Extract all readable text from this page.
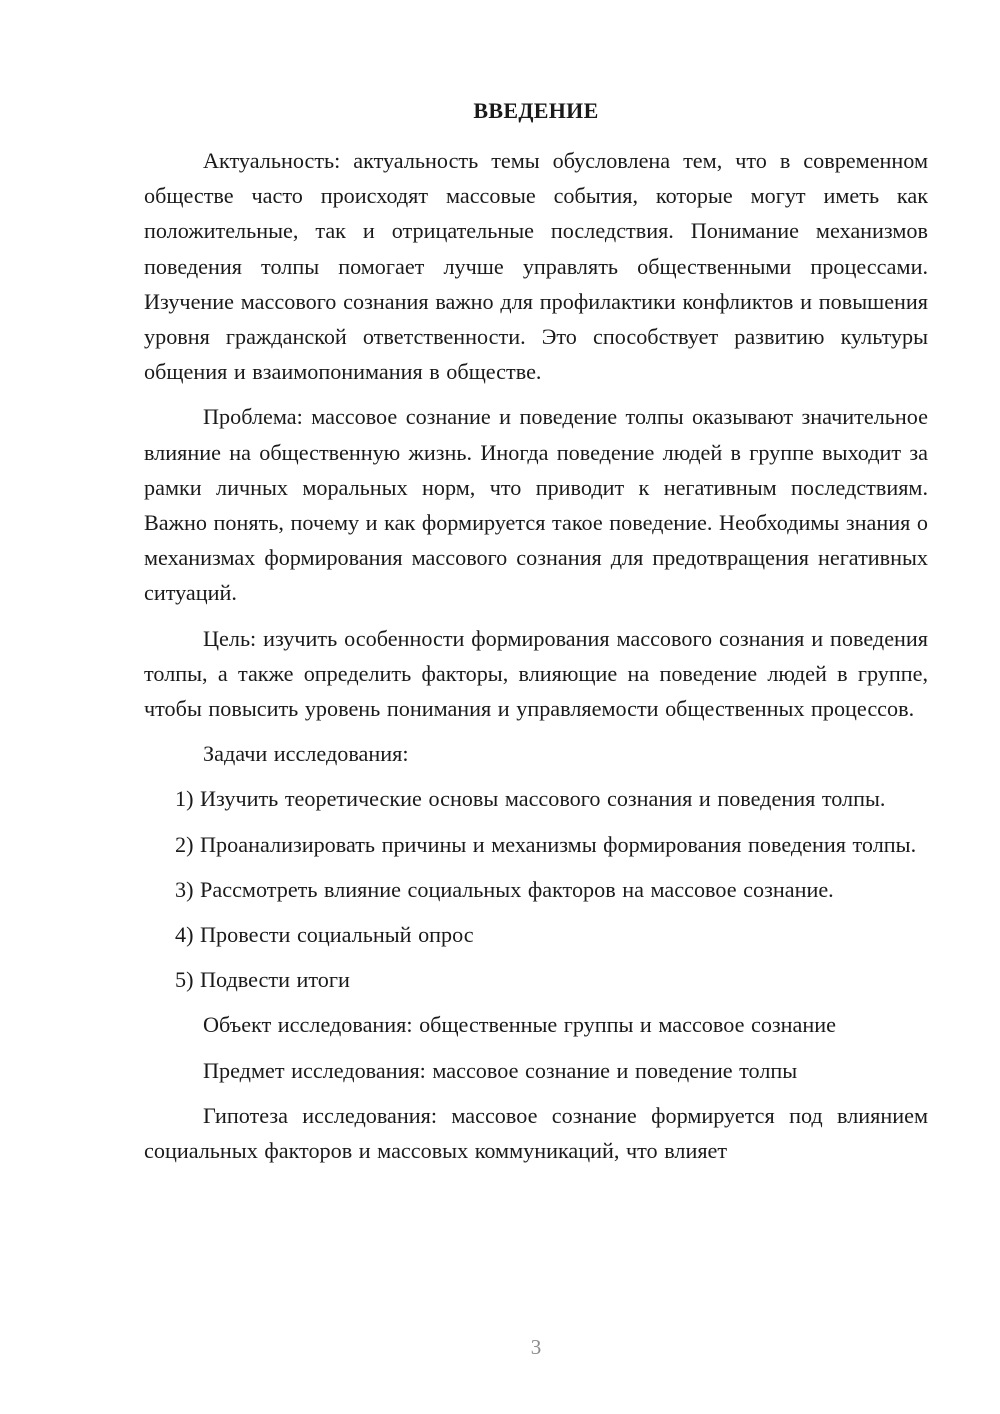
ВВЕДЕНИЕ

Актуальность: актуальность темы обусловлена тем, что в современном обществе часто происходят массовые события, которые могут иметь как положительные, так и отрицательные последствия. Понимание механизмов поведения толпы помогает лучше управлять общественными процессами. Изучение массового сознания важно для профилактики конфликтов и повышения уровня гражданской ответственности. Это способствует развитию культуры общения и взаимопонимания в обществе.

Проблема: массовое сознание и поведение толпы оказывают значительное влияние на общественную жизнь. Иногда поведение людей в группе выходит за рамки личных моральных норм, что приводит к негативным последствиям. Важно понять, почему и как формируется такое поведение. Необходимы знания о механизмах формирования массового сознания для предотвращения негативных ситуаций.

Цель: изучить особенности формирования массового сознания и поведения толпы, а также определить факторы, влияющие на поведение людей в группе, чтобы повысить уровень понимания и управляемости общественных процессов.

Задачи исследования:

1) Изучить теоретические основы массового сознания и поведения толпы.

2) Проанализировать причины и механизмы формирования поведения толпы.

3) Рассмотреть влияние социальных факторов на массовое сознание.

4) Провести социальный опрос

5) Подвести итоги

Объект исследования: общественные группы и массовое сознание

Предмет исследования: массовое сознание и поведение толпы

Гипотеза исследования: массовое сознание формируется под влиянием социальных факторов и массовых коммуникаций, что влияет

3
